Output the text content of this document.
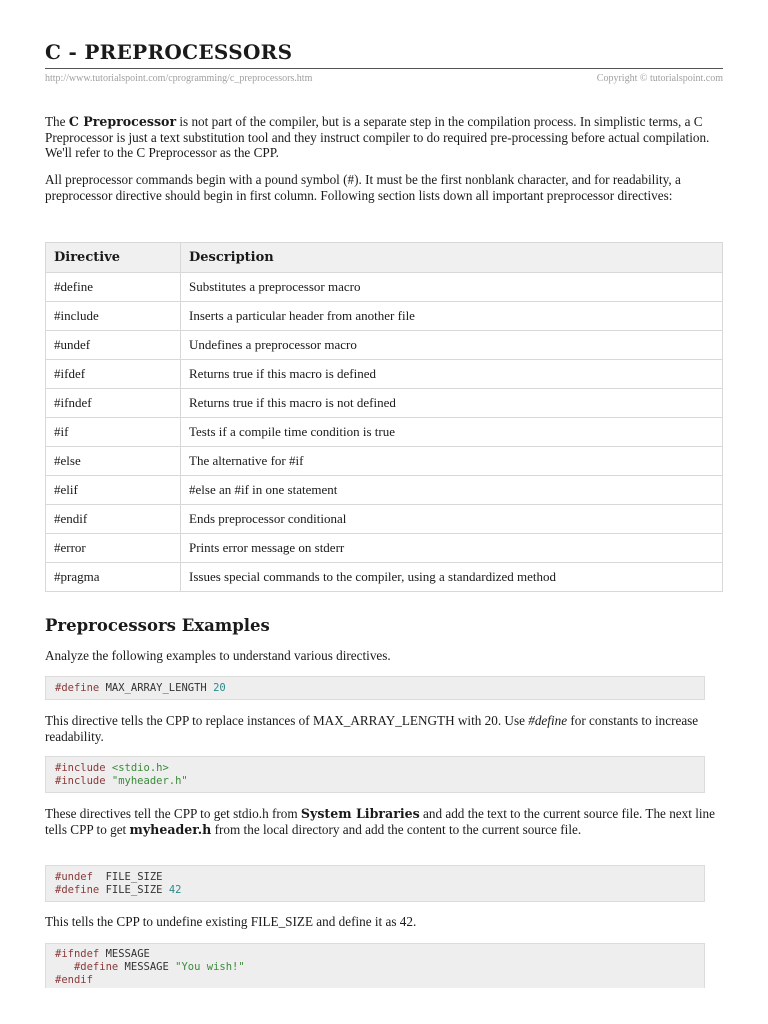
C - PREPROCESSORS
http://www.tutorialspoint.com/cprogramming/c_preprocessors.htm	Copyright © tutorialspoint.com

The C Preprocessor is not part of the compiler, but is a separate step in the compilation process. In simplistic terms, a C Preprocessor is just a text substitution tool and they instruct compiler to do required pre-processing before actual compilation. We'll refer to the C Preprocessor as the CPP.

All preprocessor commands begin with a pound symbol (#). It must be the first nonblank character, and for readability, a preprocessor directive should begin in first column. Following section lists down all important preprocessor directives:

Directive	Description
#define	Substitutes a preprocessor macro
#include	Inserts a particular header from another file
#undef	Undefines a preprocessor macro
#ifdef	Returns true if this macro is defined
#ifndef	Returns true if this macro is not defined
#if	Tests if a compile time condition is true
#else	The alternative for #if
#elif	#else an #if in one statement
#endif	Ends preprocessor conditional
#error	Prints error message on stderr
#pragma	Issues special commands to the compiler, using a standardized method
Preprocessors Examples

Analyze the following examples to understand various directives.

#define MAX_ARRAY_LENGTH 20

This directive tells the CPP to replace instances of MAX_ARRAY_LENGTH with 20. Use #define for constants to increase readability.

#include <stdio.h>
#include "myheader.h"

These directives tell the CPP to get stdio.h from System Libraries and add the text to the current source file. The next line tells CPP to get myheader.h from the local directory and add the content to the current source file.

#undef  FILE_SIZE
#define FILE_SIZE 42

This tells the CPP to undefine existing FILE_SIZE and define it as 42.

#ifndef MESSAGE
#define MESSAGE "You wish!"
#endif
